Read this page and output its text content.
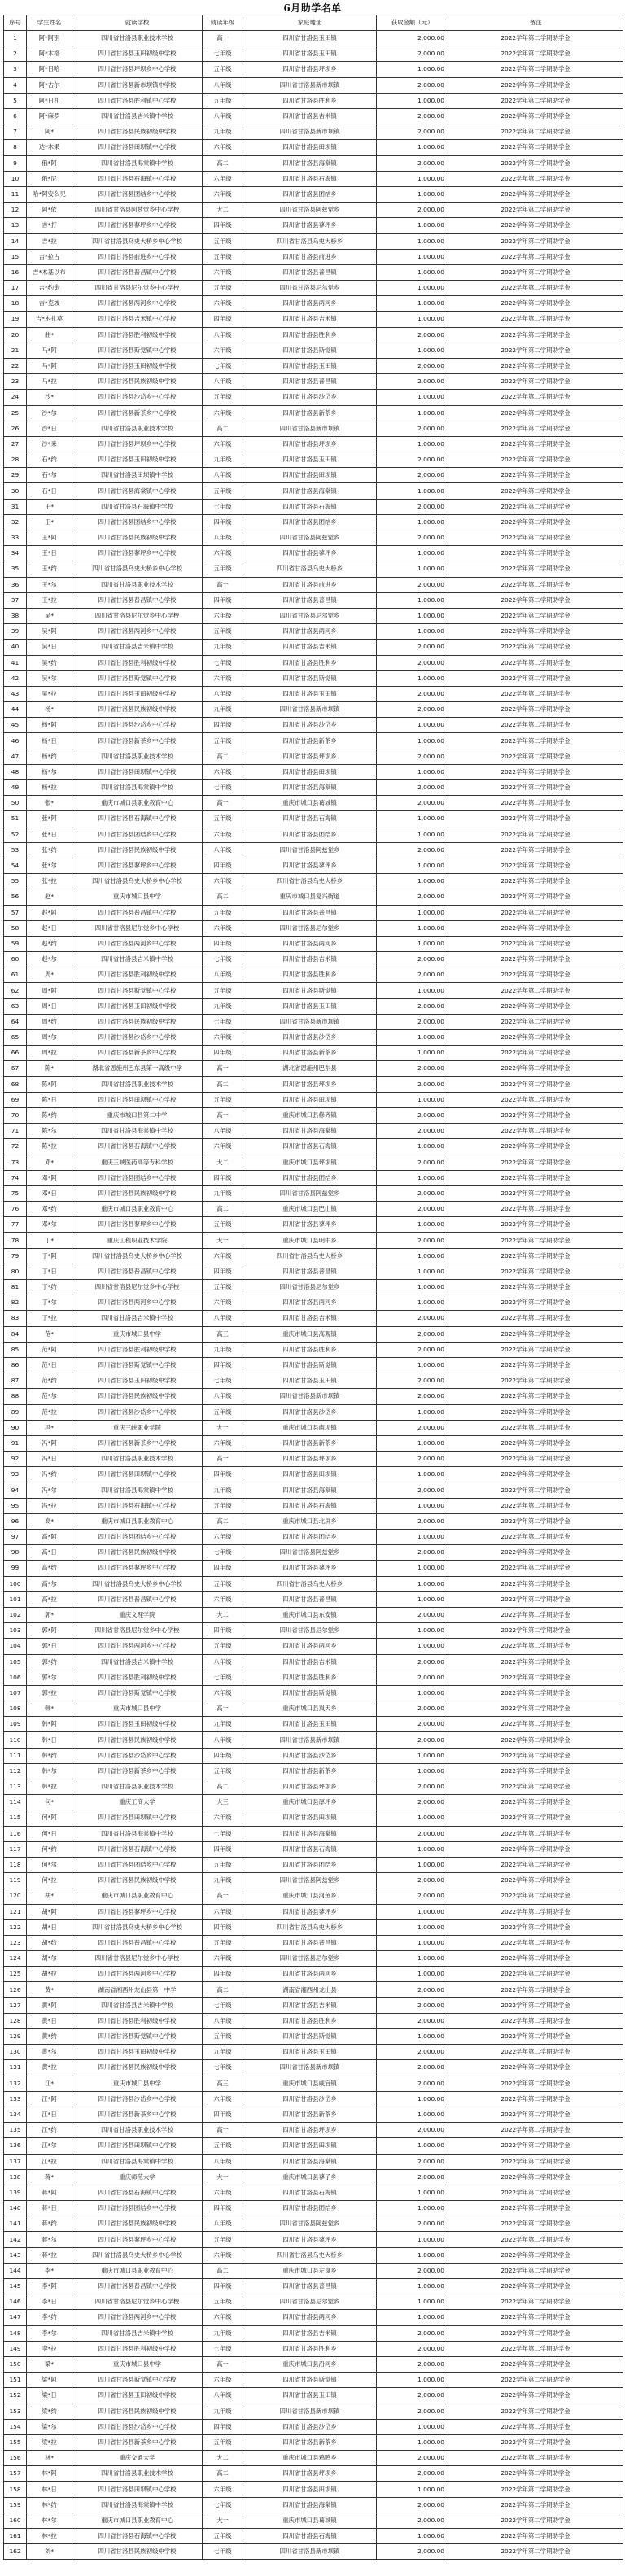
6月助学名单
序号	学生姓名	就读学校	就读年级	家庭地址	获取金额（元）	备注
1	阿*阿别	四川省甘洛县职业技术学校	高一	四川省甘洛县玉田镇	2,000.00	2022学年第二学期助学金
2	阿*木格	四川省甘洛县玉田初级中学校	七年级	四川省甘洛县玉田镇	2,000.00	2022学年第二学期助学金
3	阿*日哈	四川省甘洛县坪坝乡中心学校	五年级	四川省甘洛县坪坝乡	1,000.00	2022学年第二学期助学金
4	阿*古尔	四川省甘洛县新市坝镇中学校	八年级	四川省甘洛县新市坝镇	2,000.00	2022学年第二学期助学金
5	阿*日札	四川省甘洛县胜利镇中心学校	五年级	四川省甘洛县胜利乡	1,000.00	2022学年第二学期助学金
6	阿*麻罗	四川省甘洛县吉米镇中学校	八年级	四川省甘洛县吉米镇	2,000.00	2022学年第二学期助学金
7	阿*	四川省甘洛县民族初级中学校	九年级	四川省甘洛县新市坝镇	2,000.00	2022学年第二学期助学金
8	达*木果	四川省甘洛县田坝镇中心学校	六年级	四川省甘洛县田坝镇	1,000.00	2022学年第二学期助学金
9	俄*阿	四川省甘洛县海棠镇中学校	高二	四川省甘洛县海棠镇	2,000.00	2022学年第二学期助学金
10	俄*尼	四川省甘洛县石海镇中心学校	六年级	四川省甘洛县石海镇	1,000.00	2022学年第二学期助学金
11	哈*阿安么见	四川省甘洛县团结乡中心学校	六年级	四川省甘洛县团结乡	1,000.00	2022学年第二学期助学金
12	阿*依	四川省甘洛县阿兹觉乡中心学校	大二	四川省甘洛县阿兹觉乡	2,000.00	2022学年第二学期助学金
13	吉*打	四川省甘洛县蓼坪乡中心学校	四年级	四川省甘洛县蓼坪乡	1,000.00	2022学年第二学期助学金
14	吉*拉	四川省甘洛县乌史大桥乡中心学校	五年级	四川省甘洛县乌史大桥乡	1,000.00	2022学年第二学期助学金
15	吉*拉古	四川省甘洛县前进乡中心学校	五年级	四川省甘洛县前进乡	1,000.00	2022学年第二学期助学金
16	吉*木基以布	四川省甘洛县普昌镇中心学校	六年级	四川省甘洛县普昌镇	1,000.00	2022学年第二学期助学金
17	吉*约金	四川省甘洛县尼尔觉乡中心学校	五年级	四川省甘洛县尼尔觉乡	1,000.00	2022学年第二学期助学金
18	吉*克坡	四川省甘洛县两河乡中心学校	六年级	四川省甘洛县两河乡	1,000.00	2022学年第二学期助学金
19	吉*木扎莫	四川省甘洛县吉米镇中心学校	四年级	四川省甘洛县吉米镇	1,000.00	2022学年第二学期助学金
20	曲*	四川省甘洛县胜利初级中学校	八年级	四川省甘洛县胜利乡	2,000.00	2022学年第二学期助学金
21	马*阿	四川省甘洛县斯觉镇中心学校	六年级	四川省甘洛县斯觉镇	1,000.00	2022学年第二学期助学金
22	马*阿	四川省甘洛县玉田初级中学校	七年级	四川省甘洛县玉田镇	2,000.00	2022学年第二学期助学金
23	马*拉	四川省甘洛县民族初级中学校	八年级	四川省甘洛县普昌镇	2,000.00	2022学年第二学期助学金
24	沙*	四川省甘洛县沙岱乡中心学校	五年级	四川省甘洛县沙岱乡	1,000.00	2022学年第二学期助学金
25	沙*尔	四川省甘洛县新茶乡中心学校	六年级	四川省甘洛县新茶乡	1,000.00	2022学年第二学期助学金
26	沙*日	四川省甘洛县职业技术学校	高二	四川省甘洛县新市坝镇	2,000.00	2022学年第二学期助学金
27	沙*来	四川省甘洛县坪坝乡中心学校	六年级	四川省甘洛县坪坝乡	1,000.00	2022学年第二学期助学金
28	石*约	四川省甘洛县玉田初级中学校	九年级	四川省甘洛县玉田镇	2,000.00	2022学年第二学期助学金
29	石*尔	四川省甘洛县田坝镇中学校	八年级	四川省甘洛县田坝镇	2,000.00	2022学年第二学期助学金
30	石*日	四川省甘洛县海棠镇中心学校	五年级	四川省甘洛县海棠镇	1,000.00	2022学年第二学期助学金
31	王*	四川省甘洛县石海镇中学校	七年级	四川省甘洛县石海镇	2,000.00	2022学年第二学期助学金
32	王*	四川省甘洛县团结乡中心学校	四年级	四川省甘洛县团结乡	1,000.00	2022学年第二学期助学金
33	王*阿	四川省甘洛县民族初级中学校	八年级	四川省甘洛县阿兹觉乡	2,000.00	2022学年第二学期助学金
34	王*日	四川省甘洛县蓼坪乡中心学校	六年级	四川省甘洛县蓼坪乡	1,000.00	2022学年第二学期助学金
35	王*约	四川省甘洛县乌史大桥乡中心学校	五年级	四川省甘洛县乌史大桥乡	1,000.00	2022学年第二学期助学金
36	王*尔	四川省甘洛县职业技术学校	高一	四川省甘洛县前进乡	2,000.00	2022学年第二学期助学金
37	王*拉	四川省甘洛县普昌镇中心学校	四年级	四川省甘洛县普昌镇	1,000.00	2022学年第二学期助学金
38	吴*	四川省甘洛县尼尔觉乡中心学校	六年级	四川省甘洛县尼尔觉乡	1,000.00	2022学年第二学期助学金
39	吴*阿	四川省甘洛县两河乡中心学校	五年级	四川省甘洛县两河乡	1,000.00	2022学年第二学期助学金
40	吴*日	四川省甘洛县吉米镇中学校	九年级	四川省甘洛县吉米镇	2,000.00	2022学年第二学期助学金
41	吴*约	四川省甘洛县胜利初级中学校	七年级	四川省甘洛县胜利乡	2,000.00	2022学年第二学期助学金
42	吴*尔	四川省甘洛县斯觉镇中心学校	六年级	四川省甘洛县斯觉镇	1,000.00	2022学年第二学期助学金
43	吴*拉	四川省甘洛县玉田初级中学校	八年级	四川省甘洛县玉田镇	2,000.00	2022学年第二学期助学金
44	杨*	四川省甘洛县民族初级中学校	九年级	四川省甘洛县新市坝镇	2,000.00	2022学年第二学期助学金
45	杨*阿	四川省甘洛县沙岱乡中心学校	四年级	四川省甘洛县沙岱乡	1,000.00	2022学年第二学期助学金
46	杨*日	四川省甘洛县新茶乡中心学校	五年级	四川省甘洛县新茶乡	1,000.00	2022学年第二学期助学金
47	杨*约	四川省甘洛县职业技术学校	高二	四川省甘洛县坪坝乡	2,000.00	2022学年第二学期助学金
48	杨*尔	四川省甘洛县田坝镇中心学校	六年级	四川省甘洛县田坝镇	1,000.00	2022学年第二学期助学金
49	杨*拉	四川省甘洛县海棠镇中学校	七年级	四川省甘洛县海棠镇	2,000.00	2022学年第二学期助学金
50	张*	重庆市城口县职业教育中心	高一	重庆市城口县葛城镇	2,000.00	2022学年第二学期助学金
51	张*阿	四川省甘洛县石海镇中心学校	五年级	四川省甘洛县石海镇	1,000.00	2022学年第二学期助学金
52	张*日	四川省甘洛县团结乡中心学校	六年级	四川省甘洛县团结乡	1,000.00	2022学年第二学期助学金
53	张*约	四川省甘洛县民族初级中学校	八年级	四川省甘洛县阿兹觉乡	2,000.00	2022学年第二学期助学金
54	张*尔	四川省甘洛县蓼坪乡中心学校	四年级	四川省甘洛县蓼坪乡	1,000.00	2022学年第二学期助学金
55	张*拉	四川省甘洛县乌史大桥乡中心学校	六年级	四川省甘洛县乌史大桥乡	1,000.00	2022学年第二学期助学金
56	赵*	重庆市城口县中学	高二	重庆市城口县复兴街道	2,000.00	2022学年第二学期助学金
57	赵*阿	四川省甘洛县普昌镇中心学校	五年级	四川省甘洛县普昌镇	1,000.00	2022学年第二学期助学金
58	赵*日	四川省甘洛县尼尔觉乡中心学校	六年级	四川省甘洛县尼尔觉乡	1,000.00	2022学年第二学期助学金
59	赵*约	四川省甘洛县两河乡中心学校	四年级	四川省甘洛县两河乡	1,000.00	2022学年第二学期助学金
60	赵*尔	四川省甘洛县吉米镇中学校	七年级	四川省甘洛县吉米镇	2,000.00	2022学年第二学期助学金
61	周*	四川省甘洛县胜利初级中学校	八年级	四川省甘洛县胜利乡	2,000.00	2022学年第二学期助学金
62	周*阿	四川省甘洛县斯觉镇中心学校	五年级	四川省甘洛县斯觉镇	1,000.00	2022学年第二学期助学金
63	周*日	四川省甘洛县玉田初级中学校	九年级	四川省甘洛县玉田镇	2,000.00	2022学年第二学期助学金
64	周*约	四川省甘洛县民族初级中学校	七年级	四川省甘洛县新市坝镇	2,000.00	2022学年第二学期助学金
65	周*尔	四川省甘洛县沙岱乡中心学校	六年级	四川省甘洛县沙岱乡	1,000.00	2022学年第二学期助学金
66	周*拉	四川省甘洛县新茶乡中心学校	四年级	四川省甘洛县新茶乡	1,000.00	2022学年第二学期助学金
67	陈*	湖北省恩施州巴东县第一高级中学	高一	湖北省恩施州巴东县	2,000.00	2022学年第二学期助学金
68	陈*阿	四川省甘洛县职业技术学校	高二	四川省甘洛县坪坝乡	2,000.00	2022学年第二学期助学金
69	陈*日	四川省甘洛县田坝镇中心学校	五年级	四川省甘洛县田坝镇	1,000.00	2022学年第二学期助学金
70	陈*约	重庆市城口县第二中学	高一	重庆市城口县修齐镇	2,000.00	2022学年第二学期助学金
71	陈*尔	四川省甘洛县海棠镇中学校	八年级	四川省甘洛县海棠镇	2,000.00	2022学年第二学期助学金
72	陈*拉	四川省甘洛县石海镇中心学校	六年级	四川省甘洛县石海镇	1,000.00	2022学年第二学期助学金
73	邓*	重庆三峡医药高等专科学校	大二	重庆市城口县坪坝镇	2,000.00	2022学年第二学期助学金
74	邓*阿	四川省甘洛县团结乡中心学校	四年级	四川省甘洛县团结乡	1,000.00	2022学年第二学期助学金
75	邓*日	四川省甘洛县民族初级中学校	九年级	四川省甘洛县阿兹觉乡	2,000.00	2022学年第二学期助学金
76	邓*约	重庆市城口县职业教育中心	高二	重庆市城口县巴山镇	2,000.00	2022学年第二学期助学金
77	邓*尔	四川省甘洛县蓼坪乡中心学校	五年级	四川省甘洛县蓼坪乡	1,000.00	2022学年第二学期助学金
78	丁*	重庆工程职业技术学院	大一	重庆市城口县明中乡	2,000.00	2022学年第二学期助学金
79	丁*阿	四川省甘洛县乌史大桥乡中心学校	六年级	四川省甘洛县乌史大桥乡	1,000.00	2022学年第二学期助学金
80	丁*日	四川省甘洛县普昌镇中心学校	四年级	四川省甘洛县普昌镇	1,000.00	2022学年第二学期助学金
81	丁*约	四川省甘洛县尼尔觉乡中心学校	五年级	四川省甘洛县尼尔觉乡	1,000.00	2022学年第二学期助学金
82	丁*尔	四川省甘洛县两河乡中心学校	六年级	四川省甘洛县两河乡	1,000.00	2022学年第二学期助学金
83	丁*拉	四川省甘洛县吉米镇中学校	八年级	四川省甘洛县吉米镇	2,000.00	2022学年第二学期助学金
84	范*	重庆市城口县中学	高三	重庆市城口县高观镇	2,000.00	2022学年第二学期助学金
85	范*阿	四川省甘洛县胜利初级中学校	九年级	四川省甘洛县胜利乡	2,000.00	2022学年第二学期助学金
86	范*日	四川省甘洛县斯觉镇中心学校	四年级	四川省甘洛县斯觉镇	1,000.00	2022学年第二学期助学金
87	范*约	四川省甘洛县玉田初级中学校	七年级	四川省甘洛县玉田镇	2,000.00	2022学年第二学期助学金
88	范*尔	四川省甘洛县民族初级中学校	八年级	四川省甘洛县新市坝镇	2,000.00	2022学年第二学期助学金
89	范*拉	四川省甘洛县沙岱乡中心学校	五年级	四川省甘洛县沙岱乡	1,000.00	2022学年第二学期助学金
90	冯*	重庆三峡职业学院	大一	重庆市城口县庙坝镇	2,000.00	2022学年第二学期助学金
91	冯*阿	四川省甘洛县新茶乡中心学校	六年级	四川省甘洛县新茶乡	1,000.00	2022学年第二学期助学金
92	冯*日	四川省甘洛县职业技术学校	高一	四川省甘洛县坪坝乡	2,000.00	2022学年第二学期助学金
93	冯*约	四川省甘洛县田坝镇中心学校	四年级	四川省甘洛县田坝镇	1,000.00	2022学年第二学期助学金
94	冯*尔	四川省甘洛县海棠镇中学校	九年级	四川省甘洛县海棠镇	2,000.00	2022学年第二学期助学金
95	冯*拉	四川省甘洛县石海镇中心学校	五年级	四川省甘洛县石海镇	1,000.00	2022学年第二学期助学金
96	高*	重庆市城口县职业教育中心	高二	重庆市城口县北屏乡	2,000.00	2022学年第二学期助学金
97	高*阿	四川省甘洛县团结乡中心学校	六年级	四川省甘洛县团结乡	1,000.00	2022学年第二学期助学金
98	高*日	四川省甘洛县民族初级中学校	七年级	四川省甘洛县阿兹觉乡	2,000.00	2022学年第二学期助学金
99	高*约	四川省甘洛县蓼坪乡中心学校	四年级	四川省甘洛县蓼坪乡	1,000.00	2022学年第二学期助学金
100	高*尔	四川省甘洛县乌史大桥乡中心学校	五年级	四川省甘洛县乌史大桥乡	1,000.00	2022学年第二学期助学金
101	高*拉	四川省甘洛县普昌镇中心学校	六年级	四川省甘洛县普昌镇	1,000.00	2022学年第二学期助学金
102	郭*	重庆文理学院	大二	重庆市城口县东安镇	2,000.00	2022学年第二学期助学金
103	郭*阿	四川省甘洛县尼尔觉乡中心学校	四年级	四川省甘洛县尼尔觉乡	1,000.00	2022学年第二学期助学金
104	郭*日	四川省甘洛县两河乡中心学校	五年级	四川省甘洛县两河乡	1,000.00	2022学年第二学期助学金
105	郭*约	四川省甘洛县吉米镇中学校	八年级	四川省甘洛县吉米镇	2,000.00	2022学年第二学期助学金
106	郭*尔	四川省甘洛县胜利初级中学校	七年级	四川省甘洛县胜利乡	2,000.00	2022学年第二学期助学金
107	郭*拉	四川省甘洛县斯觉镇中心学校	六年级	四川省甘洛县斯觉镇	1,000.00	2022学年第二学期助学金
108	韩*	重庆市城口县中学	高一	重庆市城口县岚天乡	2,000.00	2022学年第二学期助学金
109	韩*阿	四川省甘洛县玉田初级中学校	九年级	四川省甘洛县玉田镇	2,000.00	2022学年第二学期助学金
110	韩*日	四川省甘洛县民族初级中学校	八年级	四川省甘洛县新市坝镇	2,000.00	2022学年第二学期助学金
111	韩*约	四川省甘洛县沙岱乡中心学校	四年级	四川省甘洛县沙岱乡	1,000.00	2022学年第二学期助学金
112	韩*尔	四川省甘洛县新茶乡中心学校	五年级	四川省甘洛县新茶乡	1,000.00	2022学年第二学期助学金
113	韩*拉	四川省甘洛县职业技术学校	高二	四川省甘洛县坪坝乡	2,000.00	2022学年第二学期助学金
114	何*	重庆工商大学	大三	重庆市城口县厚坪乡	2,000.00	2022学年第二学期助学金
115	何*阿	四川省甘洛县田坝镇中心学校	六年级	四川省甘洛县田坝镇	1,000.00	2022学年第二学期助学金
116	何*日	四川省甘洛县海棠镇中学校	七年级	四川省甘洛县海棠镇	2,000.00	2022学年第二学期助学金
117	何*约	四川省甘洛县石海镇中心学校	四年级	四川省甘洛县石海镇	1,000.00	2022学年第二学期助学金
118	何*尔	四川省甘洛县团结乡中心学校	五年级	四川省甘洛县团结乡	1,000.00	2022学年第二学期助学金
119	何*拉	四川省甘洛县民族初级中学校	九年级	四川省甘洛县阿兹觉乡	2,000.00	2022学年第二学期助学金
120	胡*	重庆市城口县职业教育中心	高一	重庆市城口县河鱼乡	2,000.00	2022学年第二学期助学金
121	胡*阿	四川省甘洛县蓼坪乡中心学校	六年级	四川省甘洛县蓼坪乡	1,000.00	2022学年第二学期助学金
122	胡*日	四川省甘洛县乌史大桥乡中心学校	四年级	四川省甘洛县乌史大桥乡	1,000.00	2022学年第二学期助学金
123	胡*约	四川省甘洛县普昌镇中心学校	五年级	四川省甘洛县普昌镇	1,000.00	2022学年第二学期助学金
124	胡*尔	四川省甘洛县尼尔觉乡中心学校	六年级	四川省甘洛县尼尔觉乡	1,000.00	2022学年第二学期助学金
125	胡*拉	四川省甘洛县两河乡中心学校	四年级	四川省甘洛县两河乡	1,000.00	2022学年第二学期助学金
126	黄*	湖南省湘西州龙山县第一中学	高二	湖南省湘西州龙山县	2,000.00	2022学年第二学期助学金
127	黄*阿	四川省甘洛县吉米镇中学校	七年级	四川省甘洛县吉米镇	2,000.00	2022学年第二学期助学金
128	黄*日	四川省甘洛县胜利初级中学校	八年级	四川省甘洛县胜利乡	2,000.00	2022学年第二学期助学金
129	黄*约	四川省甘洛县斯觉镇中心学校	五年级	四川省甘洛县斯觉镇	1,000.00	2022学年第二学期助学金
130	黄*尔	四川省甘洛县玉田初级中学校	九年级	四川省甘洛县玉田镇	2,000.00	2022学年第二学期助学金
131	黄*拉	四川省甘洛县民族初级中学校	七年级	四川省甘洛县新市坝镇	2,000.00	2022学年第二学期助学金
132	江*	重庆市城口县中学	高三	重庆市城口县咸宜镇	2,000.00	2022学年第二学期助学金
133	江*阿	四川省甘洛县沙岱乡中心学校	六年级	四川省甘洛县沙岱乡	1,000.00	2022学年第二学期助学金
134	江*日	四川省甘洛县新茶乡中心学校	四年级	四川省甘洛县新茶乡	1,000.00	2022学年第二学期助学金
135	江*约	四川省甘洛县职业技术学校	高一	四川省甘洛县坪坝乡	2,000.00	2022学年第二学期助学金
136	江*尔	四川省甘洛县田坝镇中心学校	五年级	四川省甘洛县田坝镇	1,000.00	2022学年第二学期助学金
137	江*拉	四川省甘洛县海棠镇中学校	八年级	四川省甘洛县海棠镇	2,000.00	2022学年第二学期助学金
138	蒋*	重庆师范大学	大一	重庆市城口县蓼子乡	2,000.00	2022学年第二学期助学金
139	蒋*阿	四川省甘洛县石海镇中心学校	六年级	四川省甘洛县石海镇	1,000.00	2022学年第二学期助学金
140	蒋*日	四川省甘洛县团结乡中心学校	四年级	四川省甘洛县团结乡	1,000.00	2022学年第二学期助学金
141	蒋*约	四川省甘洛县民族初级中学校	八年级	四川省甘洛县阿兹觉乡	2,000.00	2022学年第二学期助学金
142	蒋*尔	四川省甘洛县蓼坪乡中心学校	五年级	四川省甘洛县蓼坪乡	1,000.00	2022学年第二学期助学金
143	蒋*拉	四川省甘洛县乌史大桥乡中心学校	六年级	四川省甘洛县乌史大桥乡	1,000.00	2022学年第二学期助学金
144	李*	重庆市城口县职业教育中心	高二	重庆市城口县左岚乡	2,000.00	2022学年第二学期助学金
145	李*阿	四川省甘洛县普昌镇中心学校	四年级	四川省甘洛县普昌镇	1,000.00	2022学年第二学期助学金
146	李*日	四川省甘洛县尼尔觉乡中心学校	五年级	四川省甘洛县尼尔觉乡	1,000.00	2022学年第二学期助学金
147	李*约	四川省甘洛县两河乡中心学校	六年级	四川省甘洛县两河乡	1,000.00	2022学年第二学期助学金
148	李*尔	四川省甘洛县吉米镇中学校	九年级	四川省甘洛县吉米镇	2,000.00	2022学年第二学期助学金
149	李*拉	四川省甘洛县胜利初级中学校	七年级	四川省甘洛县胜利乡	2,000.00	2022学年第二学期助学金
150	梁*	重庆市城口县中学	高一	重庆市城口县沿河乡	2,000.00	2022学年第二学期助学金
151	梁*阿	四川省甘洛县斯觉镇中心学校	六年级	四川省甘洛县斯觉镇	1,000.00	2022学年第二学期助学金
152	梁*日	四川省甘洛县玉田初级中学校	八年级	四川省甘洛县玉田镇	2,000.00	2022学年第二学期助学金
153	梁*约	四川省甘洛县民族初级中学校	九年级	四川省甘洛县新市坝镇	2,000.00	2022学年第二学期助学金
154	梁*尔	四川省甘洛县沙岱乡中心学校	四年级	四川省甘洛县沙岱乡	1,000.00	2022学年第二学期助学金
155	梁*拉	四川省甘洛县新茶乡中心学校	五年级	四川省甘洛县新茶乡	1,000.00	2022学年第二学期助学金
156	林*	重庆交通大学	大二	重庆市城口县鸡鸣乡	2,000.00	2022学年第二学期助学金
157	林*阿	四川省甘洛县职业技术学校	高二	四川省甘洛县坪坝乡	2,000.00	2022学年第二学期助学金
158	林*日	四川省甘洛县田坝镇中心学校	六年级	四川省甘洛县田坝镇	1,000.00	2022学年第二学期助学金
159	林*约	四川省甘洛县海棠镇中学校	七年级	四川省甘洛县海棠镇	2,000.00	2022学年第二学期助学金
160	林*尔	重庆市城口县职业教育中心	大一	重庆市城口县葛城镇	2,000.00	2022学年第二学期助学金
161	林*拉	四川省甘洛县石海镇中心学校	五年级	四川省甘洛县石海镇	1,000.00	2022学年第二学期助学金
162	刘*	四川省甘洛县民族初级中学校	七年级	四川省甘洛县新市坝镇	2,000.00	2022学年第二学期助学金
